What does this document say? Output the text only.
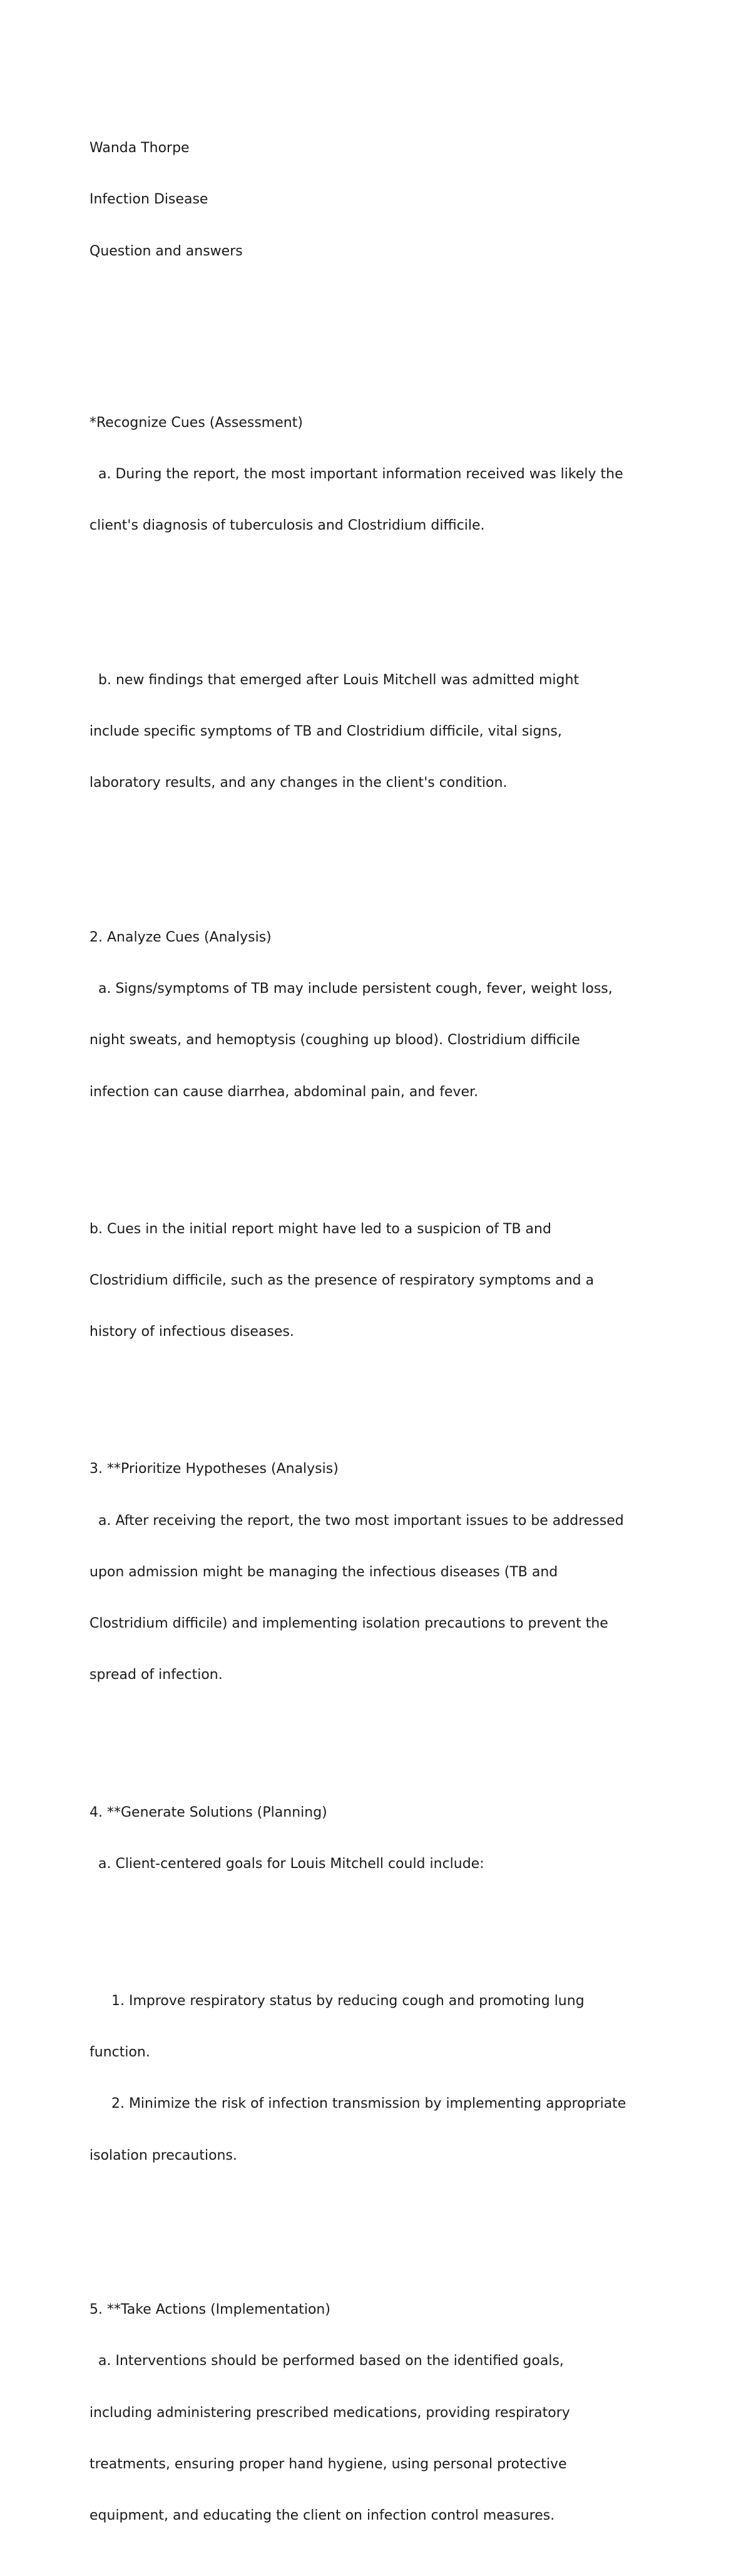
Wanda Thorpe

Infection Disease

Question and answers

*Recognize Cues (Assessment)

a. During the report, the most important information received was likely the

client's diagnosis of tuberculosis and Clostridium difficile.

b. new findings that emerged after Louis Mitchell was admitted might

include specific symptoms of TB and Clostridium difficile, vital signs,

laboratory results, and any changes in the client's condition.

2. Analyze Cues (Analysis)

a. Signs/symptoms of TB may include persistent cough, fever, weight loss,

night sweats, and hemoptysis (coughing up blood). Clostridium difficile

infection can cause diarrhea, abdominal pain, and fever.

b. Cues in the initial report might have led to a suspicion of TB and

Clostridium difficile, such as the presence of respiratory symptoms and a

history of infectious diseases.

3. **Prioritize Hypotheses (Analysis)

a. After receiving the report, the two most important issues to be addressed

upon admission might be managing the infectious diseases (TB and

Clostridium difficile) and implementing isolation precautions to prevent the

spread of infection.

4. **Generate Solutions (Planning)

a. Client-centered goals for Louis Mitchell could include:

1. Improve respiratory status by reducing cough and promoting lung

function.

2. Minimize the risk of infection transmission by implementing appropriate

isolation precautions.

5. **Take Actions (Implementation)

a. Interventions should be performed based on the identified goals,

including administering prescribed medications, providing respiratory

treatments, ensuring proper hand hygiene, using personal protective

equipment, and educating the client on infection control measures.
